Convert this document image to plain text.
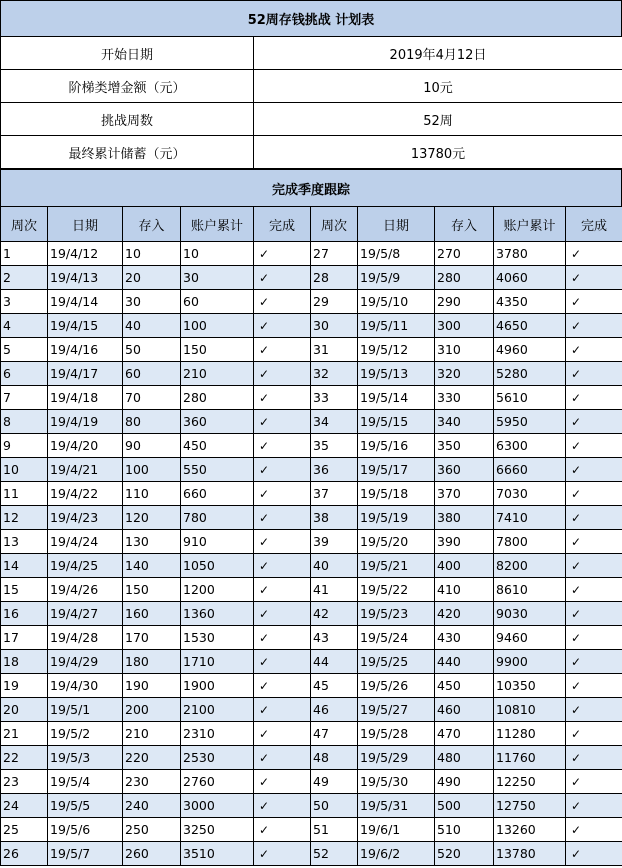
52周存钱挑战 计划表
开始日期	2019年4月12日
阶梯类增金额（元）	10元
挑战周数	52周
最终累计储蓄（元）	13780元
完成季度跟踪
周次	日期	存入	账户累计	完成	周次	日期	存入	账户累计	完成
1	19/4/12	10	10	✓	27	19/5/8	270	3780	✓
2	19/4/13	20	30	✓	28	19/5/9	280	4060	✓
3	19/4/14	30	60	✓	29	19/5/10	290	4350	✓
4	19/4/15	40	100	✓	30	19/5/11	300	4650	✓
5	19/4/16	50	150	✓	31	19/5/12	310	4960	✓
6	19/4/17	60	210	✓	32	19/5/13	320	5280	✓
7	19/4/18	70	280	✓	33	19/5/14	330	5610	✓
8	19/4/19	80	360	✓	34	19/5/15	340	5950	✓
9	19/4/20	90	450	✓	35	19/5/16	350	6300	✓
10	19/4/21	100	550	✓	36	19/5/17	360	6660	✓
11	19/4/22	110	660	✓	37	19/5/18	370	7030	✓
12	19/4/23	120	780	✓	38	19/5/19	380	7410	✓
13	19/4/24	130	910	✓	39	19/5/20	390	7800	✓
14	19/4/25	140	1050	✓	40	19/5/21	400	8200	✓
15	19/4/26	150	1200	✓	41	19/5/22	410	8610	✓
16	19/4/27	160	1360	✓	42	19/5/23	420	9030	✓
17	19/4/28	170	1530	✓	43	19/5/24	430	9460	✓
18	19/4/29	180	1710	✓	44	19/5/25	440	9900	✓
19	19/4/30	190	1900	✓	45	19/5/26	450	10350	✓
20	19/5/1	200	2100	✓	46	19/5/27	460	10810	✓
21	19/5/2	210	2310	✓	47	19/5/28	470	11280	✓
22	19/5/3	220	2530	✓	48	19/5/29	480	11760	✓
23	19/5/4	230	2760	✓	49	19/5/30	490	12250	✓
24	19/5/5	240	3000	✓	50	19/5/31	500	12750	✓
25	19/5/6	250	3250	✓	51	19/6/1	510	13260	✓
26	19/5/7	260	3510	✓	52	19/6/2	520	13780	✓
